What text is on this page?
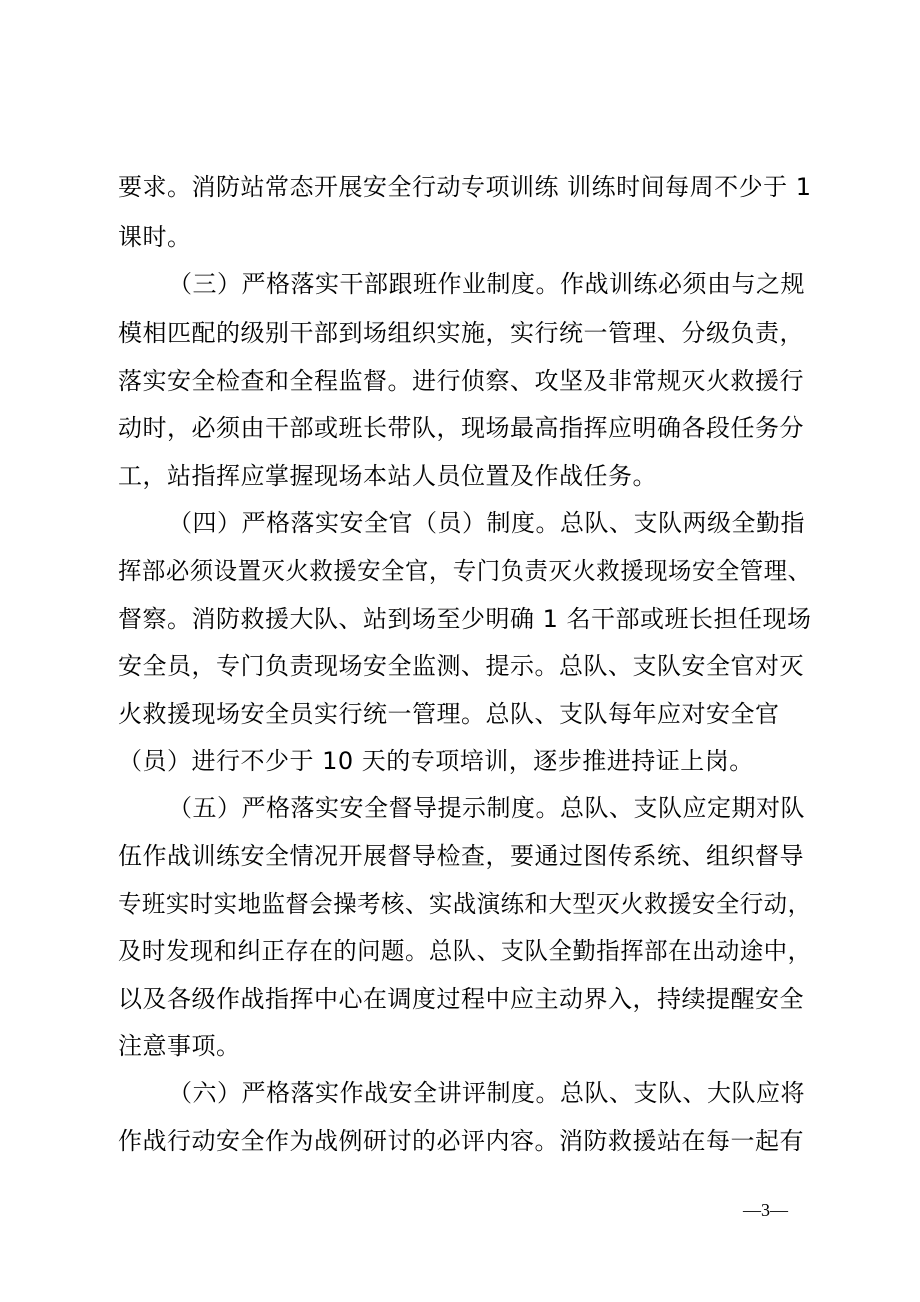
要求。消防站常态开展安全行动专项训练 训练时间每周不少于 1

课时。

（三）严格落实干部跟班作业制度。作战训练必须由与之规

模相匹配的级别干部到场组织实施，实行统一管理、分级负责，

落实安全检查和全程监督。进行侦察、攻坚及非常规灭火救援行

动时，必须由干部或班长带队，现场最高指挥应明确各段任务分

工，站指挥应掌握现场本站人员位置及作战任务。

（四）严格落实安全官（员）制度。总队、支队两级全勤指

挥部必须设置灭火救援安全官，专门负责灭火救援现场安全管理、

督察。消防救援大队、站到场至少明确 1 名干部或班长担任现场

安全员，专门负责现场安全监测、提示。总队、支队安全官对灭

火救援现场安全员实行统一管理。总队、支队每年应对安全官

（员）进行不少于 10 天的专项培训，逐步推进持证上岗。

（五）严格落实安全督导提示制度。总队、支队应定期对队

伍作战训练安全情况开展督导检查，要通过图传系统、组织督导

专班实时实地监督会操考核、实战演练和大型灭火救援安全行动，

及时发现和纠正存在的问题。总队、支队全勤指挥部在出动途中，

以及各级作战指挥中心在调度过程中应主动界入，持续提醒安全

注意事项。

（六）严格落实作战安全讲评制度。总队、支队、大队应将

作战行动安全作为战例研讨的必评内容。消防救援站在每一起有

—3—
